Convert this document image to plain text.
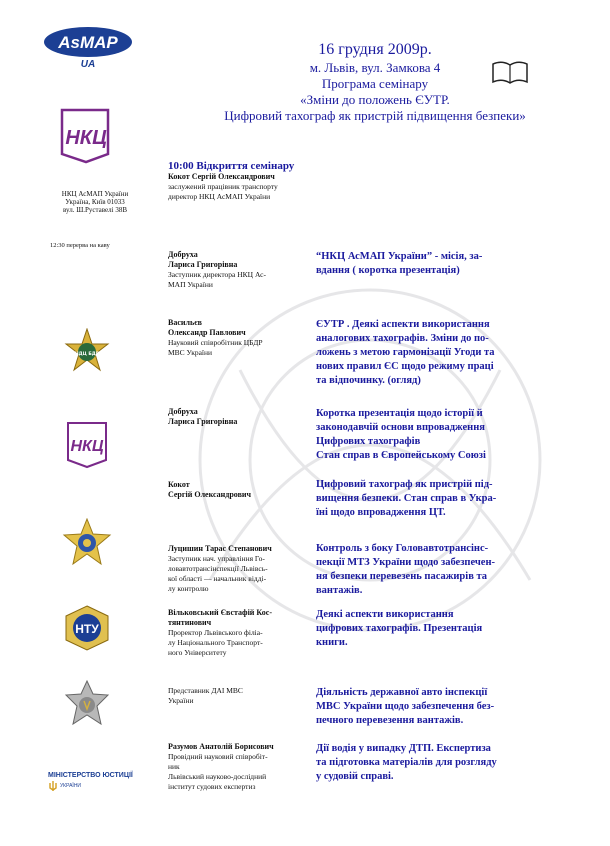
AsMAP
UA
НКЦ
НКЦ АсМАП України
Україна, Київ 01033
вул. Ш.Руставелі 38В
12:30 перерва на каву
16 грудня 2009р.
м. Львів, вул. Замкова 4
Програма семінару
«Зміни до положень ЄУТР.
Цифровий тахограф як пристрій підвищення безпеки»
10:00 Відкриття семінару
Кокот Сергій Олександрович
заслужений працівник транспорту
директор НКЦ АсМАП України
Добруха
Лариса Григорівна
Заступник директора НКЦ Ас-
МАП України
“НКЦ АсМАП України” - місія, за-
вдання ( коротка презентація)
Васильєв
Олександр Павлович
Науковий співробітник ЦБДР
МВС України
ЄУТР . Деякі аспекти використання
аналогових тахографів. Зміни до по-
ложень з метою гармонізації Угоди та
нових правил ЄС щодо режиму праці
та відпочинку. (огляд)
Добруха
Лариса Григорівна
Коротка презентація щодо історії й
законодавчій основи впровадження
Цифрових тахографів
Стан справ в Європейському Союзі
Кокот
Сергій Олександрович
Цифровий тахограф як пристрій під-
вищення безпеки. Стан справ в Укра-
їні щодо впровадження ЦТ.
Луцишин Тарас Степанович
Заступник нач. управління Го-
ловавтотрансінспекції Львівсь-
кої області — начальник відді-
лу контролю
Контроль з боку Головавтотрансінс-
пекції МТЗ України щодо забезпечен-
ня безпеки перевезень пасажирів та
вантажів.
Вільковський Євстафій Кос-
тянтинович
Проректор Львівського філіа-
лу Національного Транспорт-
ного Університету
Деякі аспекти використання
цифрових тахографів. Презентація
книги.
Представник ДАІ МВС
України
Діяльність державної авто інспекції
МВС України щодо забезпечення без-
печного перевезення вантажів.
Разумов Анатолій Борисович
Провідний науковий співробіт-
ник
Львівський науково-дослідний
інститут судових експертиз
Дії водія у випадку ДТП. Експертиза
та підготовка матеріалів для розгляду
у судовій справі.
НДЦ БДР
НКЦ
НТУ
МІНІСТЕРСТВО ЮСТИЦІЇ
УКРАЇНИ
